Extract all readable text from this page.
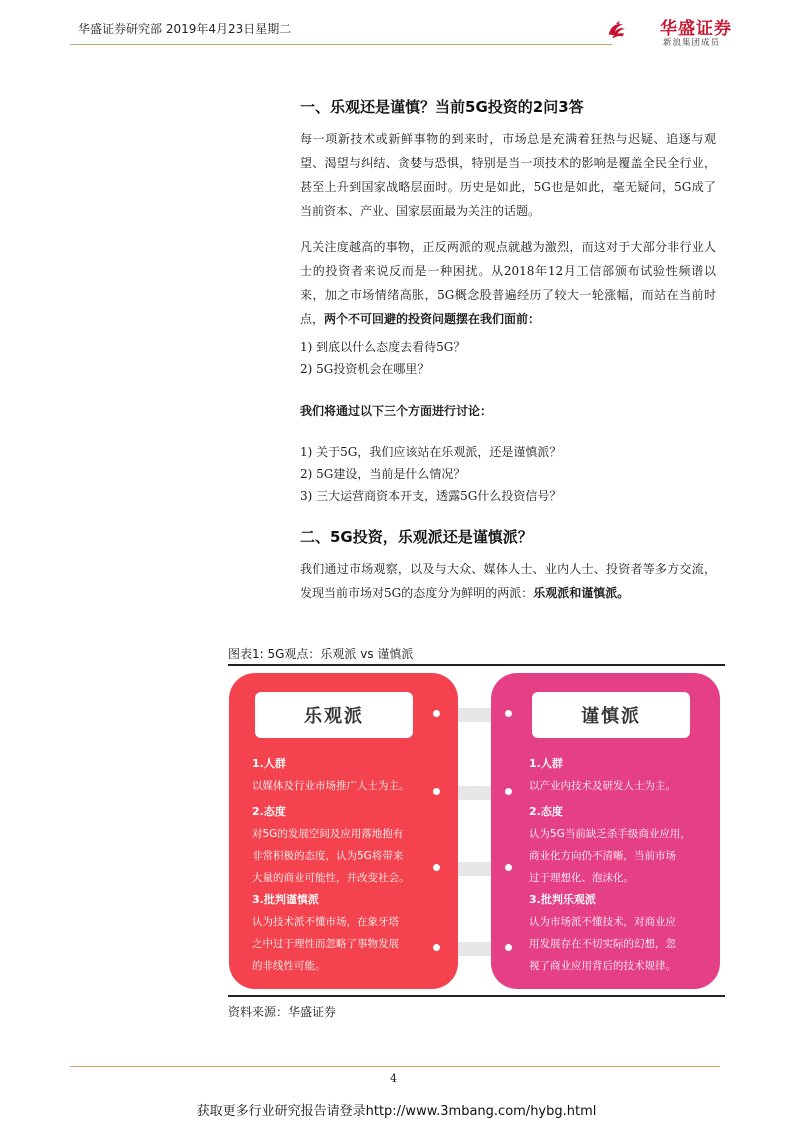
华盛证券研究部 2019年4月23日星期二	华盛证券
新浪集团成员
一、乐观还是谨慎？当前5G投资的2问3答
每一项新技术或新鲜事物的到来时，市场总是充满着狂热与迟疑、追逐与观望、渴望与纠结、贪婪与恐惧，特别是当一项技术的影响是覆盖全民全行业，甚至上升到国家战略层面时。历史是如此，5G也是如此，毫无疑问，5G成了当前资本、产业、国家层面最为关注的话题。
凡关注度越高的事物，正反两派的观点就越为激烈，而这对于大部分非行业人士的投资者来说反而是一种困扰。从2018年12月工信部颁布试验性频谱以来，加之市场情绪高胀，5G概念股普遍经历了较大一轮涨幅，而站在当前时点，两个不可回避的投资问题摆在我们面前：
1) 到底以什么态度去看待5G？
2) 5G投资机会在哪里？
我们将通过以下三个方面进行讨论：
1) 关于5G，我们应该站在乐观派，还是谨慎派？
2) 5G建设，当前是什么情况？
3) 三大运营商资本开支，透露5G什么投资信号？
二、5G投资，乐观派还是谨慎派？
我们通过市场观察，以及与大众、媒体人士、业内人士、投资者等多方交流，发现当前市场对5G的态度分为鲜明的两派：乐观派和谨慎派。
图表1: 5G观点：乐观派 vs 谨慎派
乐观派
1.人群
以媒体及行业市场推广人士为主。
2.态度
对5G的发展空间及应用落地抱有
非常积极的态度，认为5G将带来
大量的商业可能性，并改变社会。
3.批判谨慎派
认为技术派不懂市场，在象牙塔
之中过于理性而忽略了事物发展
的非线性可能。
谨慎派
1.人群
以产业内技术及研发人士为主。
2.态度
认为5G当前缺乏杀手级商业应用，
商业化方向仍不清晰，当前市场
过于理想化、泡沫化。
3.批判乐观派
认为市场派不懂技术，对商业应
用发展存在不切实际的幻想，忽
视了商业应用背后的技术规律。
资料来源：华盛证券
4
获取更多行业研究报告请登录http://www.3mbang.com/hybg.html
